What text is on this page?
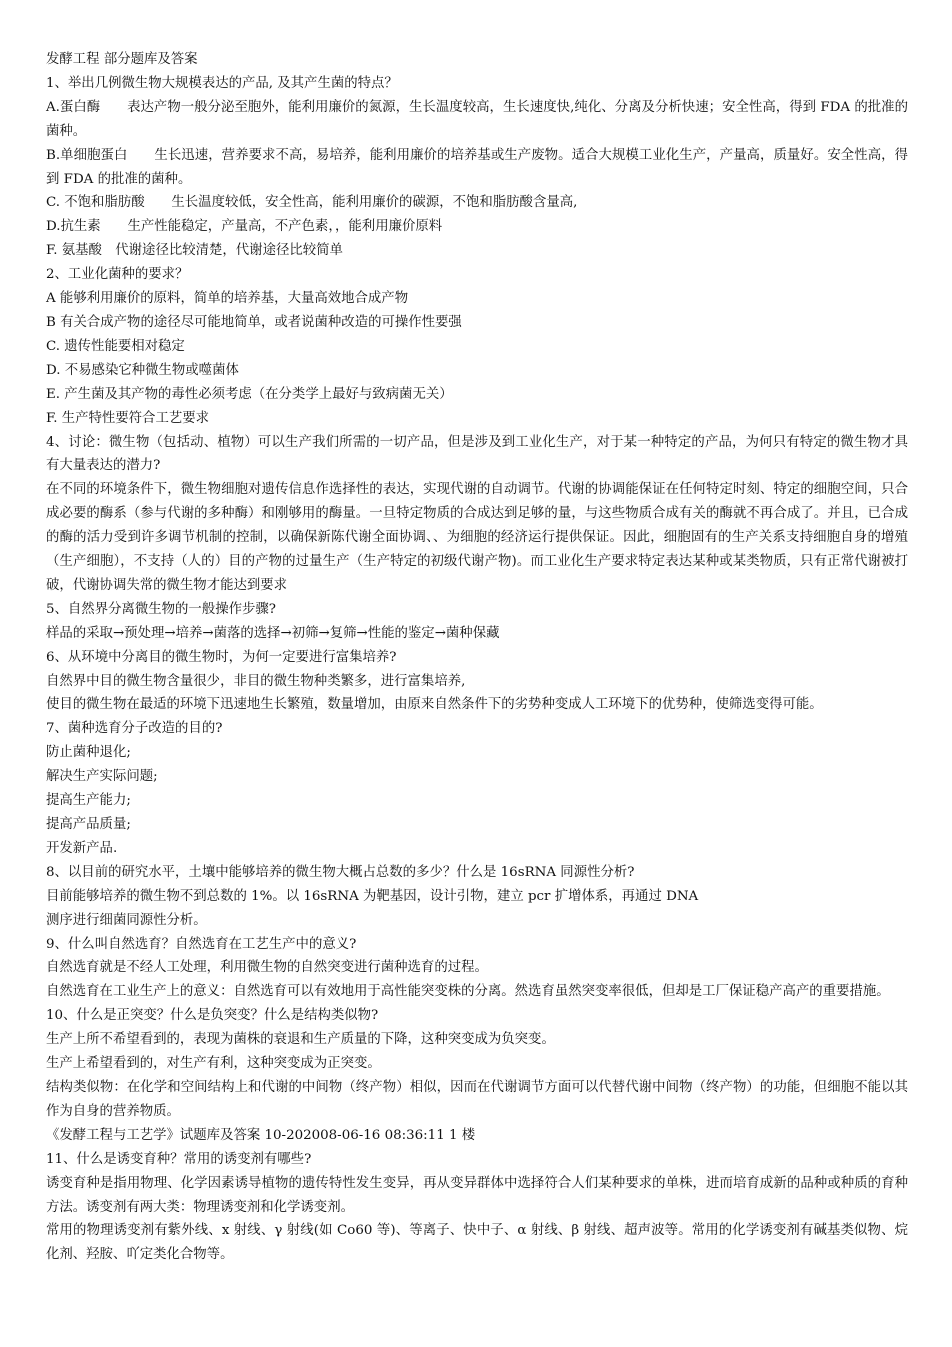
发酵工程 部分题库及答案
1、举出几例微生物大规模表达的产品, 及其产生菌的特点？
A.蛋白酶　　表达产物一般分泌至胞外，能利用廉价的氮源，生长温度较高，生长速度快,纯化、分离及分析快速；安全性高，得到 FDA 的批准的菌种。
B.单细胞蛋白　　生长迅速，营养要求不高，易培养，能利用廉价的培养基或生产废物。适合大规模工业化生产，产量高，质量好。安全性高，得到 FDA 的批准的菌种。
C. 不饱和脂肪酸　　生长温度较低，安全性高，能利用廉价的碳源，不饱和脂肪酸含量高,
D.抗生素　　生产性能稳定，产量高，不产色素，，能利用廉价原料
F. 氨基酸　代谢途径比较清楚，代谢途径比较简单
2、工业化菌种的要求？
A 能够利用廉价的原料，简单的培养基，大量高效地合成产物
B 有关合成产物的途径尽可能地简单，或者说菌种改造的可操作性要强
C. 遗传性能要相对稳定
D. 不易感染它种微生物或噬菌体
E. 产生菌及其产物的毒性必须考虑（在分类学上最好与致病菌无关）
F. 生产特性要符合工艺要求
4、讨论：微生物（包括动、植物）可以生产我们所需的一切产品，但是涉及到工业化生产，对于某一种特定的产品，为何只有特定的微生物才具有大量表达的潜力?
在不同的环境条件下，微生物细胞对遗传信息作选择性的表达，实现代谢的自动调节。代谢的协调能保证在任何特定时刻、特定的细胞空间，只合成必要的酶系（参与代谢的多种酶）和刚够用的酶量。一旦特定物质的合成达到足够的量，与这些物质合成有关的酶就不再合成了。并且，已合成的酶的活力受到许多调节机制的控制，以确保新陈代谢全面协调、、为细胞的经济运行提供保证。因此，细胞固有的生产关系支持细胞自身的增殖（生产细胞），不支持（人的）目的产物的过量生产（生产特定的初级代谢产物)。而工业化生产要求特定表达某种或某类物质，只有正常代谢被打破，代谢协调失常的微生物才能达到要求
5、自然界分离微生物的一般操作步骤?
样品的采取→预处理→培养→菌落的选择→初筛→复筛→性能的鉴定→菌种保藏
6、从环境中分离目的微生物时，为何一定要进行富集培养?
自然界中目的微生物含量很少，非目的微生物种类繁多，进行富集培养,
使目的微生物在最适的环境下迅速地生长繁殖，数量增加，由原来自然条件下的劣势种变成人工环境下的优势种，使筛选变得可能。
7、菌种选育分子改造的目的?
防止菌种退化;
解决生产实际问题;
提高生产能力;
提高产品质量;
开发新产品.
8、以目前的研究水平，土壤中能够培养的微生物大概占总数的多少？什么是 16sRNA 同源性分析?
目前能够培养的微生物不到总数的 1%。以 16sRNA 为靶基因，设计引物，建立 pcr 扩增体系，再通过 DNA
测序进行细菌同源性分析。
9、什么叫自然选育？自然选育在工艺生产中的意义?
自然选育就是不经人工处理，利用微生物的自然突变进行菌种选育的过程。
自然选育在工业生产上的意义：自然选育可以有效地用于高性能突变株的分离。然选育虽然突变率很低，但却是工厂保证稳产高产的重要措施。
10、什么是正突变？什么是负突变？什么是结构类似物?
生产上所不希望看到的，表现为菌株的衰退和生产质量的下降，这种突变成为负突变。
生产上希望看到的，对生产有利，这种突变成为正突变。
结构类似物：在化学和空间结构上和代谢的中间物（终产物）相似，因而在代谢调节方面可以代替代谢中间物（终产物）的功能，但细胞不能以其作为自身的营养物质。
《发酵工程与工艺学》试题库及答案 10-202008-06-16 08:36:11 1 楼
11、什么是诱变育种？常用的诱变剂有哪些?
诱变育种是指用物理、化学因素诱导植物的遗传特性发生变异，再从变异群体中选择符合人们某种要求的单株，进而培育成新的品种或种质的育种方法。诱变剂有两大类：物理诱变剂和化学诱变剂。
常用的物理诱变剂有紫外线、x 射线、γ 射线(如 Co60 等)、等离子、快中子、α 射线、β 射线、超声波等。常用的化学诱变剂有碱基类似物、烷化剂、羟胺、吖定类化合物等。
